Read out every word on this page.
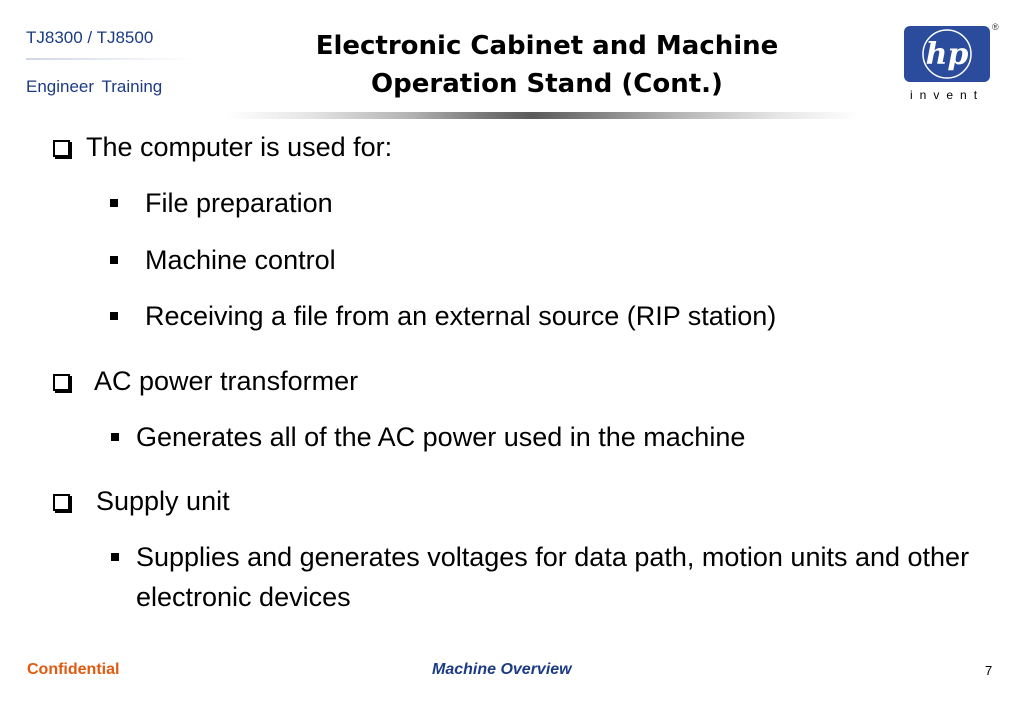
TJ8300 / TJ8500
Engineer Training
Electronic Cabinet and Machine
Operation Stand (Cont.)
hp
®
invent
The computer is used for:
File preparation
Machine control
Receiving a file from an external source (RIP station)
AC power transformer
Generates all of the AC power used in the machine
Supply unit
Supplies and generates voltages for data path, motion units and other electronic devices
Confidential	Machine Overview	7
